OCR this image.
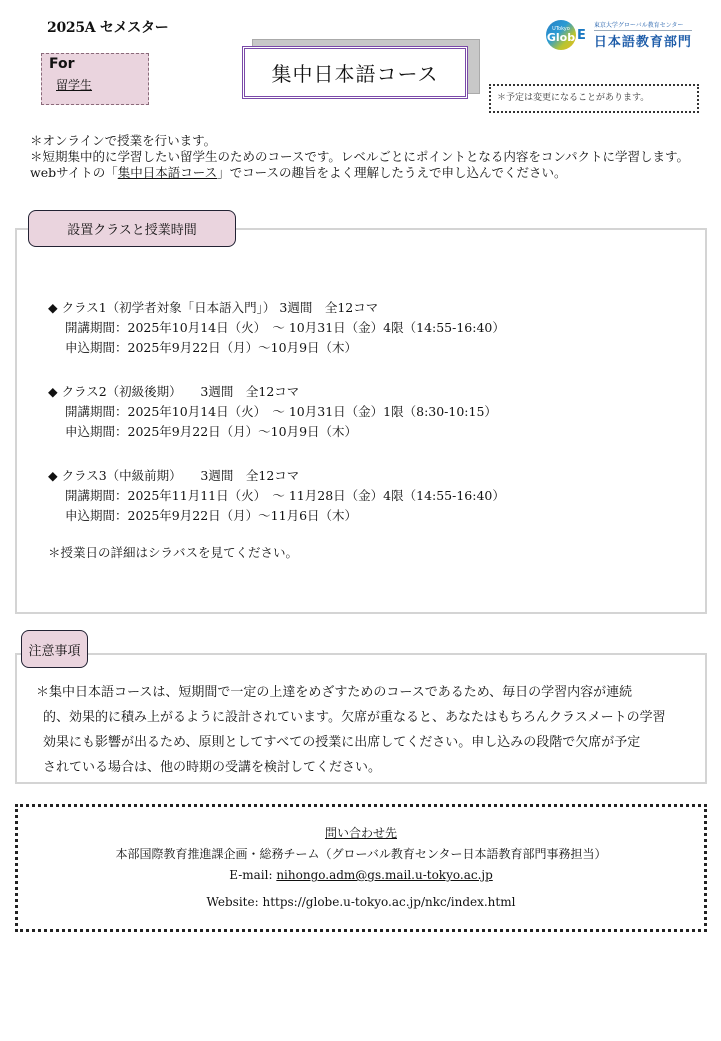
2025A セメスター
For
留学生	集中日本語コース
UTokyo
Glob E
東京大学グローバル教育センター
日本語教育部門
＊予定は変更になることがあります。

＊オンラインで授業を行います。

＊短期集中的に学習したい留学生のためのコースです。レベルごとにポイントとなる内容をコンパクトに学習します。

webサイトの「集中日本語コース」でコースの趣旨をよく理解したうえで申し込んでください。

設置クラスと授業時間
◆ クラス1（初学者対象「日本語入門」） 3週間　全12コマ
開講期間：2025年10月14日（火）　～ 10月31日（金）4限（14:55-16:40）
申込期間：2025年9月22日（月）～10月9日（木）
◆ クラス2（初級後期）　　3週間　全12コマ
開講期間：2025年10月14日（火）　～ 10月31日（金）1限（8:30-10:15）
申込期間：2025年9月22日（月）～10月9日（木）
◆ クラス3（中級前期）　　3週間　全12コマ
開講期間：2025年11月11日（火）　～ 11月28日（金）4限（14:55-16:40）
申込期間：2025年9月22日（月）～11月6日（木）
＊授業日の詳細はシラバスを見てください。
注意事項

＊集中日本語コースは、短期間で一定の上達をめざすためのコースであるため、毎日の学習内容が連続

的、効果的に積み上がるように設計されています。欠席が重なると、あなたはもちろんクラスメートの学習

効果にも影響が出るため、原則としてすべての授業に出席してください。申し込みの段階で欠席が予定

されている場合は、他の時期の受講を検討してください。

問い合わせ先
本部国際教育推進課企画・総務チーム（グローバル教育センター日本語教育部門事務担当）
E-mail: nihongo.adm@gs.mail.u-tokyo.ac.jp
Website: https://globe.u-tokyo.ac.jp/nkc/index.html
